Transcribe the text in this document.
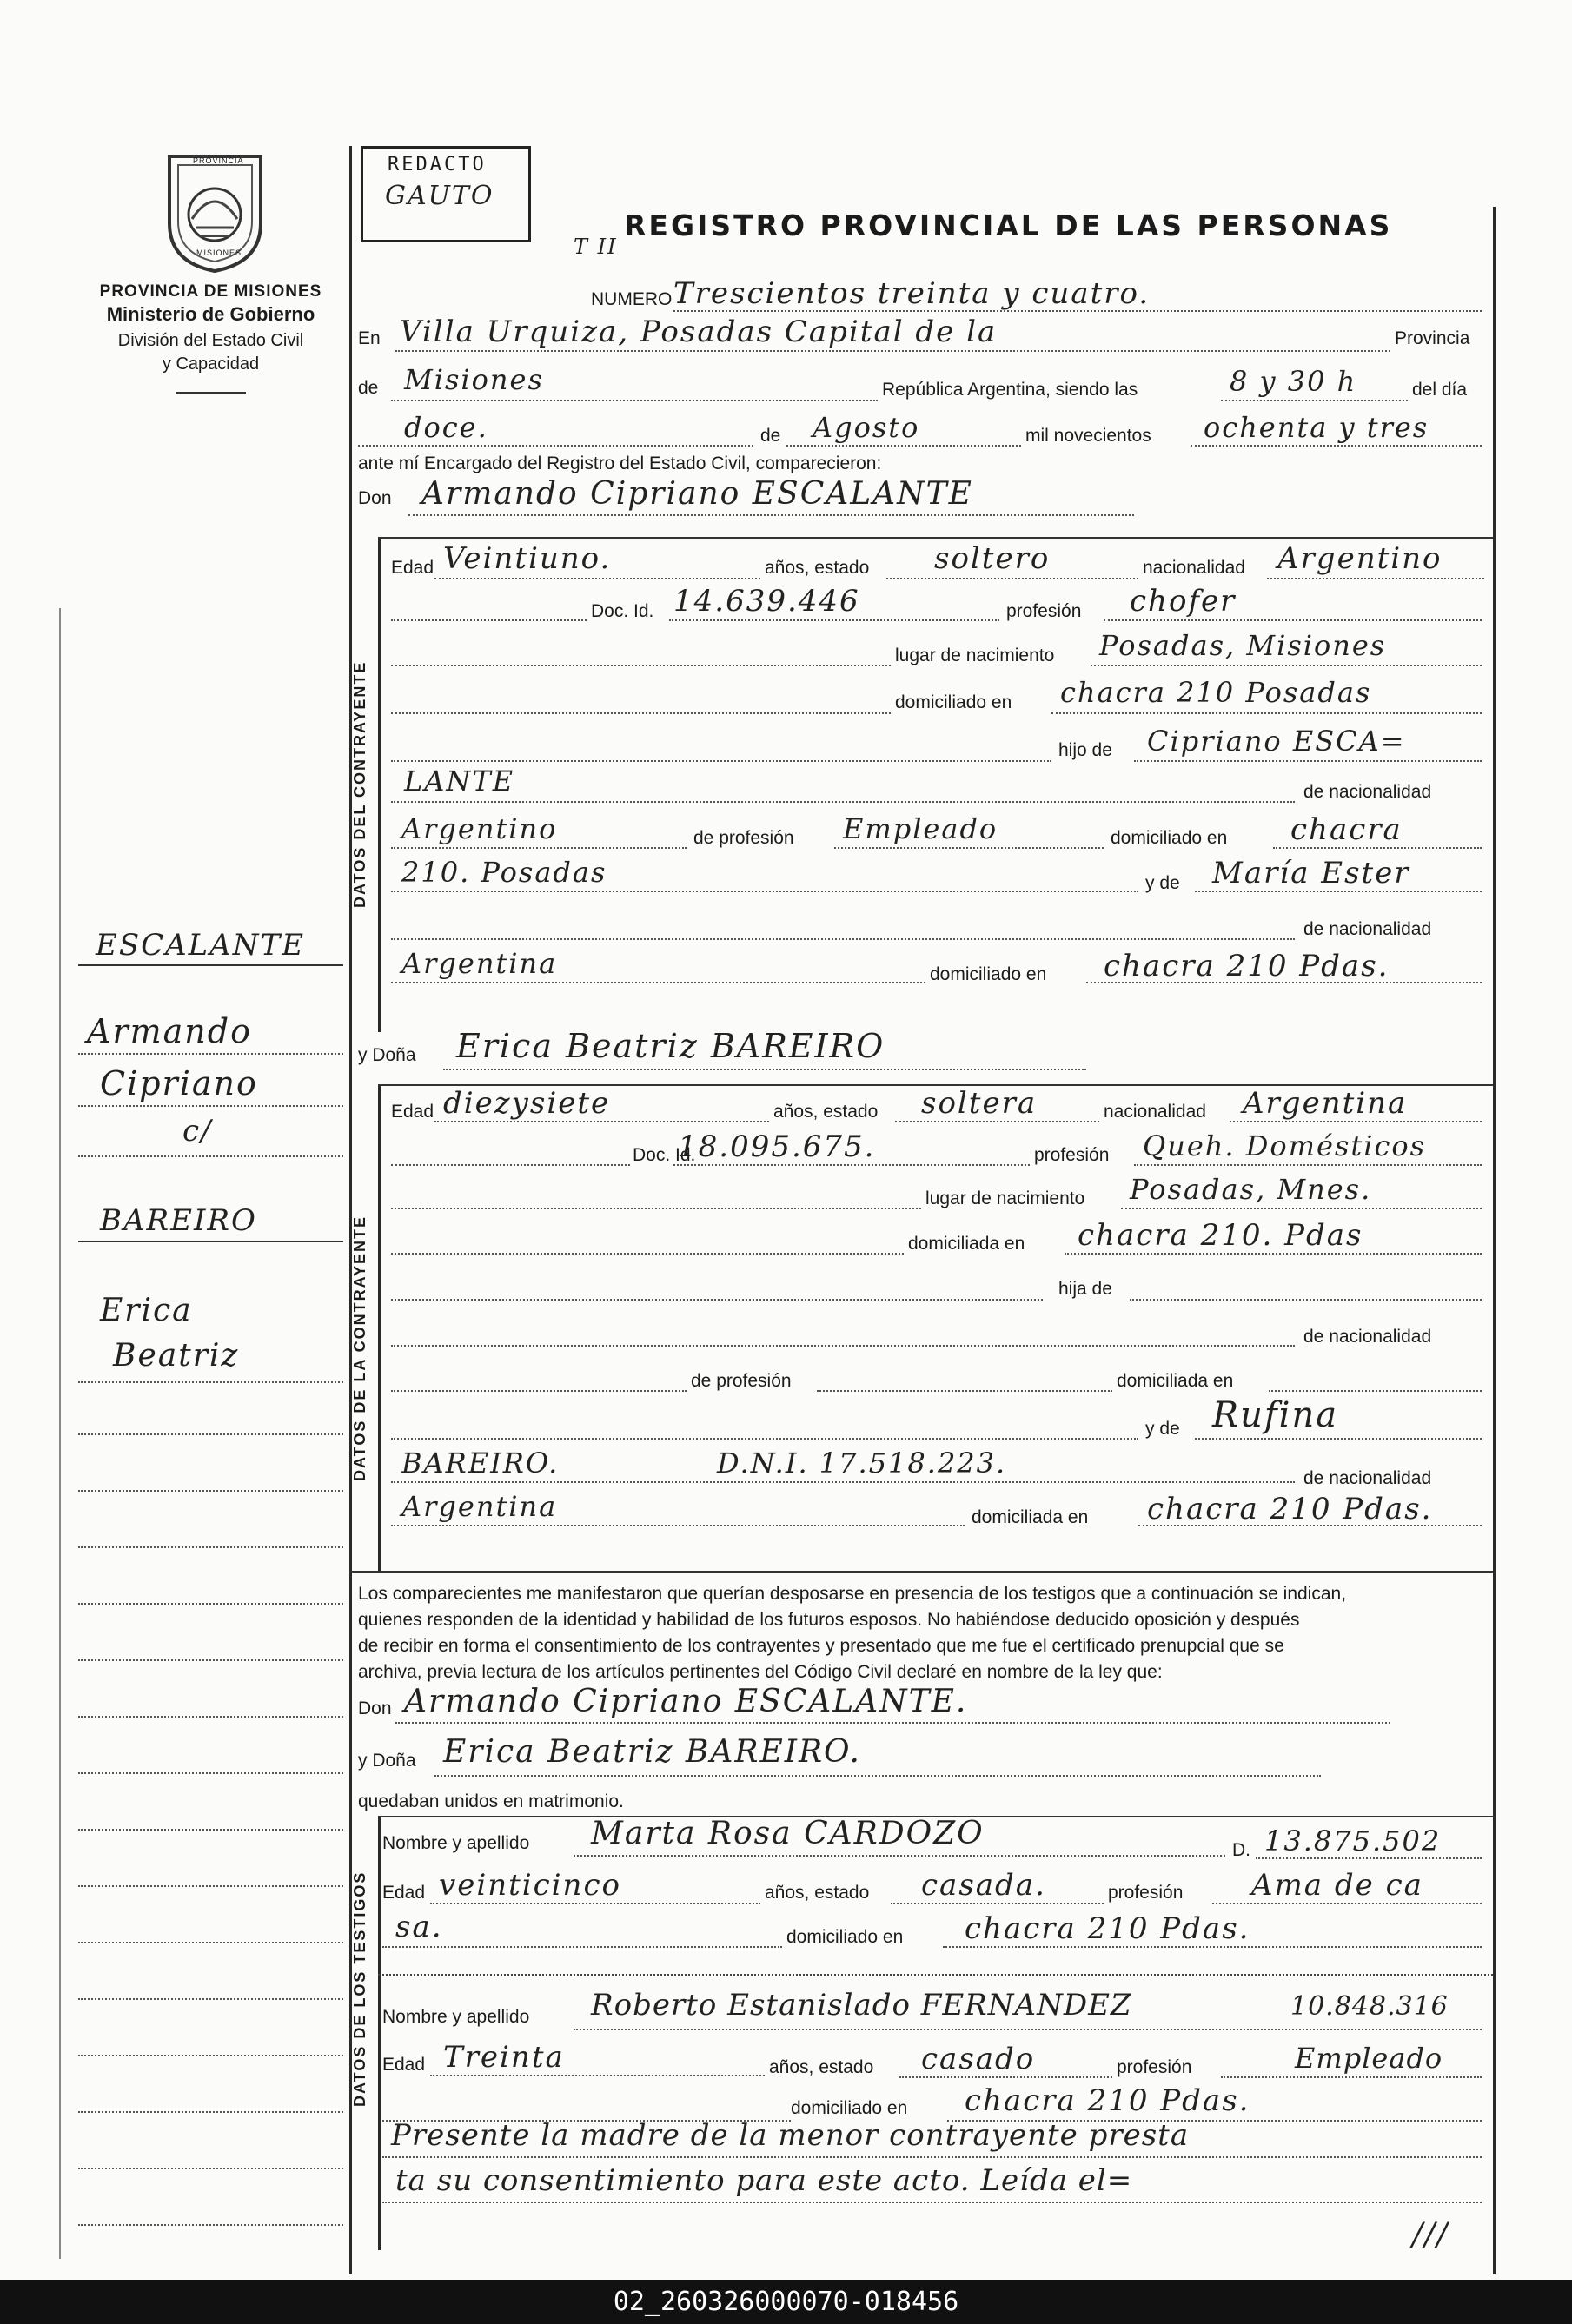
PROVINCIA
MISIONES
PROVINCIA DE MISIONES
Ministerio de Gobierno
División del Estado Civil
y Capacidad
ESCALANTE
Armando
Cipriano
c/
BAREIRO
Erica
Beatriz
REDACTO
GAUTO
T II
REGISTRO PROVINCIAL DE LAS PERSONAS
NUMERO Trescientos treinta y cuatro.
En Villa Urquiza, Posadas Capital de la	Provincia
de Misiones	República Argentina, siendo las	8 y 30 h	del día
doce.	de Agosto	mil novecientos ochenta y tres
ante mí Encargado del Registro del Estado Civil, comparecieron:
Don Armando Cipriano ESCALANTE
DATOS DEL CONTRAYENTE
Edad Veintiuno.	años, estado soltero	nacionalidad Argentino
Doc. Id. 14.639.446	profesión chofer
lugar de nacimiento Posadas, Misiones
domiciliado en chacra 210 Posadas
hijo de Cipriano ESCA=
LANTE	de nacionalidad
Argentino	de profesión Empleado	domiciliado en chacra
210. Posadas	y de María Ester
de nacionalidad
Argentina	domiciliado en chacra 210 Pdas.
y Doña Erica Beatriz BAREIRO
DATOS DE LA CONTRAYENTE
Edad diezysiete	años, estado soltera	nacionalidad Argentina
Doc. Id.
18.095.675.	profesión Queh. Domésticos
lugar de nacimiento Posadas, Mnes.
domiciliada en chacra 210. Pdas
hija de
de nacionalidad
de profesión	domiciliada en
y de Rufina
BAREIRO.	D.N.I. 17.518.223.	de nacionalidad
Argentina	domiciliada en chacra 210 Pdas.
Los comparecientes me manifestaron que querían desposarse en presencia de los testigos que a continuación se indican,
quienes responden de la identidad y habilidad de los futuros esposos. No habiéndose deducido oposición y después
de recibir en forma el consentimiento de los contrayentes y presentado que me fue el certificado prenupcial que se
archiva, previa lectura de los artículos pertinentes del Código Civil declaré en nombre de la ley que:
Don Armando Cipriano ESCALANTE.
y Doña Erica Beatriz BAREIRO.
quedaban unidos en matrimonio.
DATOS DE LOS TESTIGOS
Nombre y apellido Marta Rosa CARDOZO	D. 13.875.502
Edad veinticinco	años, estado casada.	profesión Ama de ca
sa.	domiciliado en chacra 210 Pdas.
Nombre y apellido Roberto Estanislado FERNANDEZ	10.848.316
Edad Treinta	años, estado casado	profesión	Empleado
domiciliado en chacra 210 Pdas.
Presente la madre de la menor contrayente presta
ta su consentimiento para este acto. Leída el=
///
02_260326000070-018456
